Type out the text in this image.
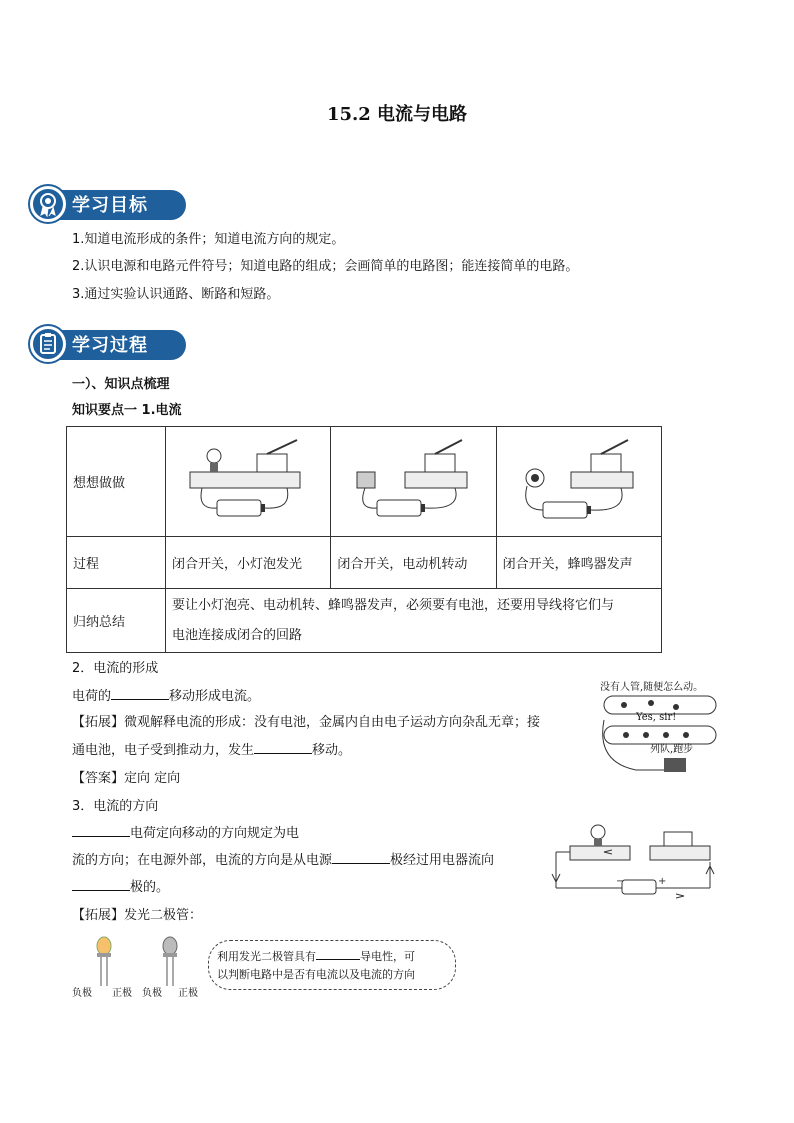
15.2 电流与电路
学习目标
1.知道电流形成的条件；知道电流方向的规定。
2.认识电源和电路元件符号；知道电路的组成；会画简单的电路图；能连接简单的电路。
3.通过实验认识通路、断路和短路。
学习过程
一）、知识点梳理
知识要点一 1.电流
想想做做			
过程	闭合开关，小灯泡发光	闭合开关，电动机转动	闭合开关，蜂鸣器发声
归纳总结	要让小灯泡亮、电动机转、蜂鸣器发声，必须要有电池，还要用导线将它们与
电池连接成闭合的回路		
2．电流的形成
电荷的	移动形成电流。
【拓展】微观解释电流的形成：没有电池，金属内自由电子运动方向杂乱无章；接
通电池，电子受到推动力，发生	移动。
【答案】定向 定向
没有人管,随便怎么动。
Yes, sir!
列队,跑步
3．电流的方向
电荷定向移动的方向规定为电
流的方向；在电源外部，电流的方向是从电源	极经过用电器流向
极的。
【拓展】发光二极管：
−	+
负极 正极 负极 正极
利用发光二极管具有	导电性，可
以判断电路中是否有电流以及电流的方向
